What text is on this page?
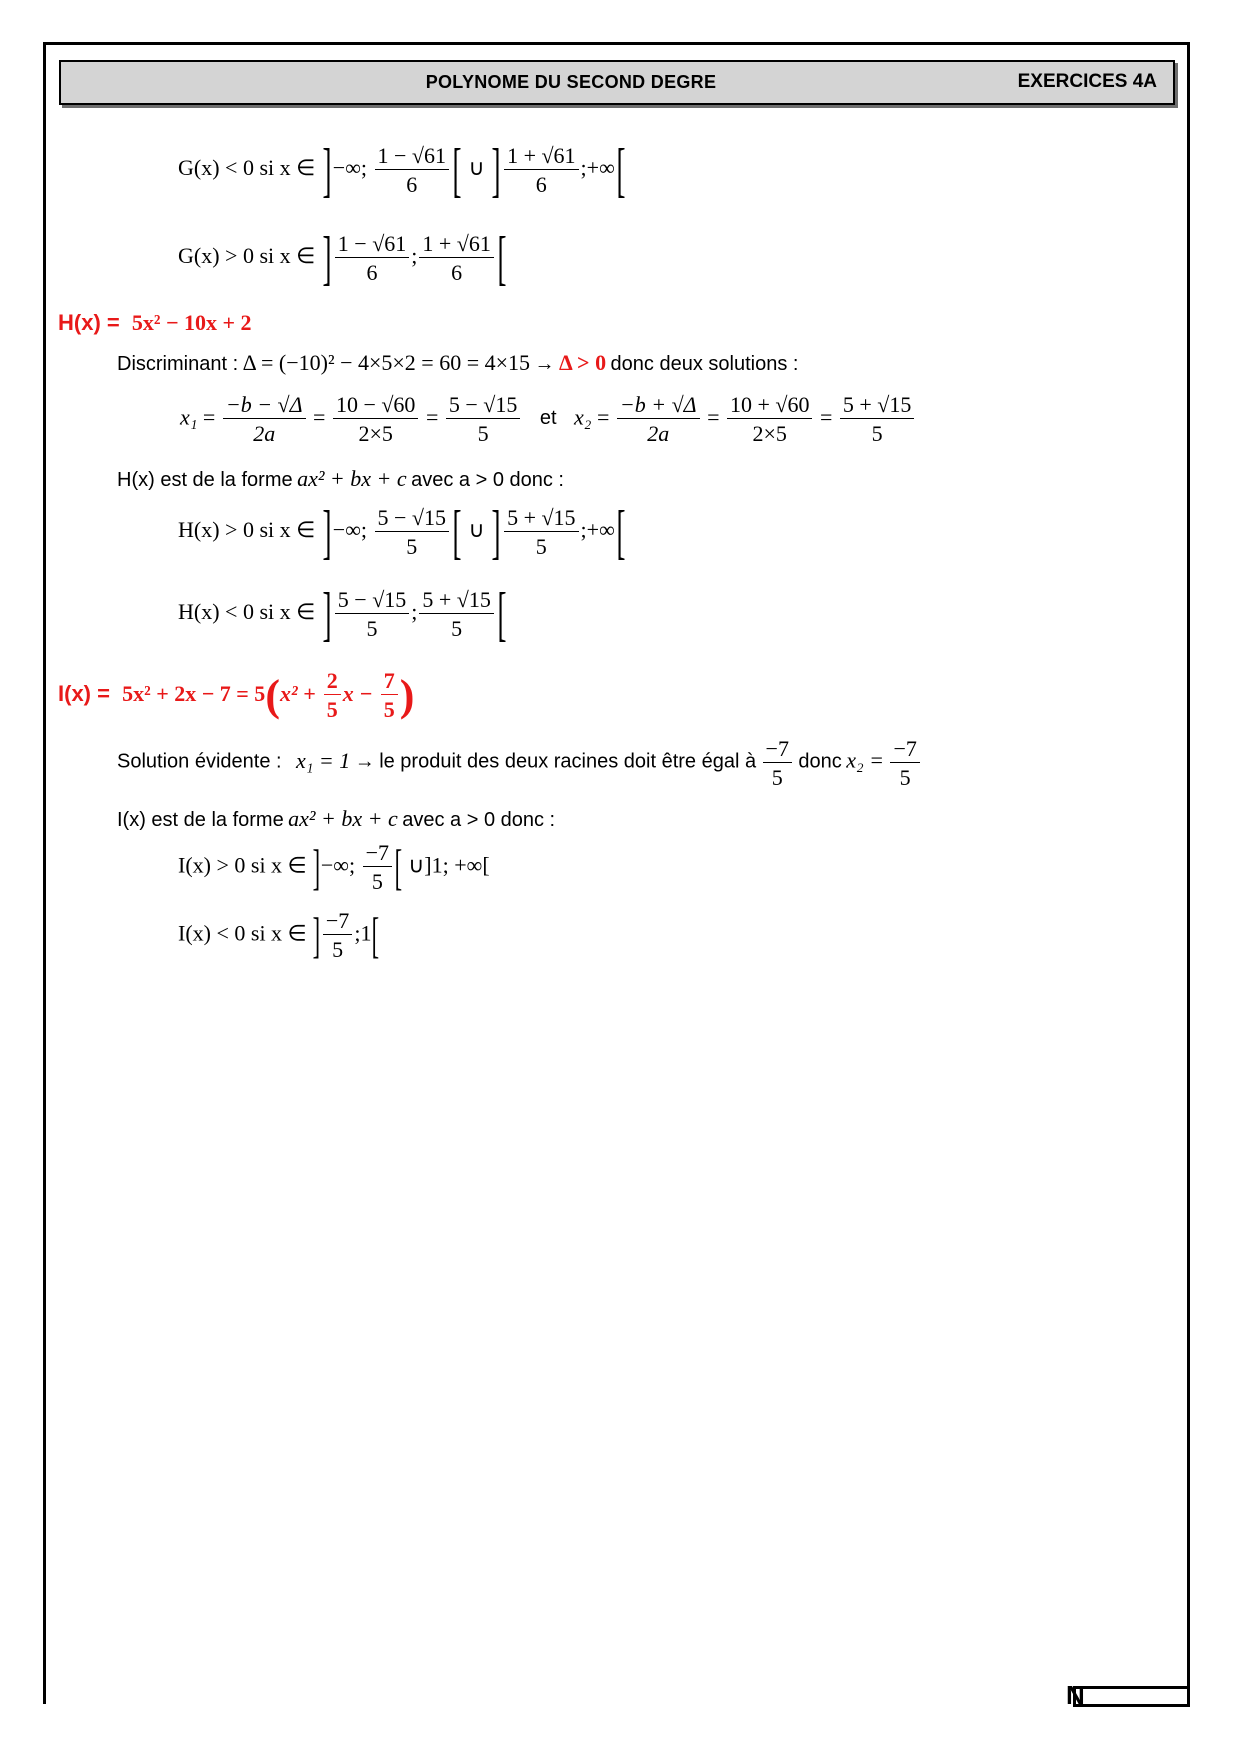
POLYNOME DU SECOND DEGRE	EXERCICES 4A
N
G(x) < 0 si x ∈ ]−∞; $\frac{1 - √61}{6}$ [ ∪ ] $\frac{1 + √61}{6}$ ;+∞[
G(x) > 0 si x ∈ ] $\frac{1 - √61}{6}$ ; $\frac{1 + √61}{6}$ [
H(x) = 5x² − 10x + 2
Discriminant : Δ = (−10)² − 4×5×2 = 60 = 4×15 → Δ > 0 donc deux solutions :
$x_1 = \frac{-b - √\Delta}{2a} = \frac{10 - √60}{2\times 5} = \frac{5 - √15}{5}$ et $x_2 = \frac{-b + √\Delta}{2a} = \frac{10 + √60}{2\times 5} = \frac{5 + √15}{5}$
H(x) est de la forme ax² + bx + c avec a > 0 donc :
H(x) > 0 si x ∈ ]−∞; $\frac{5 - √15}{5}$ [ ∪ ] $\frac{5 + √15}{5}$ ;+∞[
H(x) < 0 si x ∈ ] $\frac{5 - √15}{5}$ ; $\frac{5 + √15}{5}$ [
$I(x) = 5x^2 + 2x - 7 = 5(x^2 + \frac{2}{5}$ $x - \frac{7}{5}$ )
Solution évidente : x₁ = 1 → le produit des deux racines doit être égal à $\frac{-7}{5}$ donc $x_2 = \frac{-7}{5}$
I(x) est de la forme ax² + bx + c avec a > 0 donc :
I(x) > 0 si x ∈ ]−∞; $\frac{-7}{5}$ [ ∪]1; +∞[
I(x) < 0 si x ∈ ] $\frac{-7}{5}$ ;1[
